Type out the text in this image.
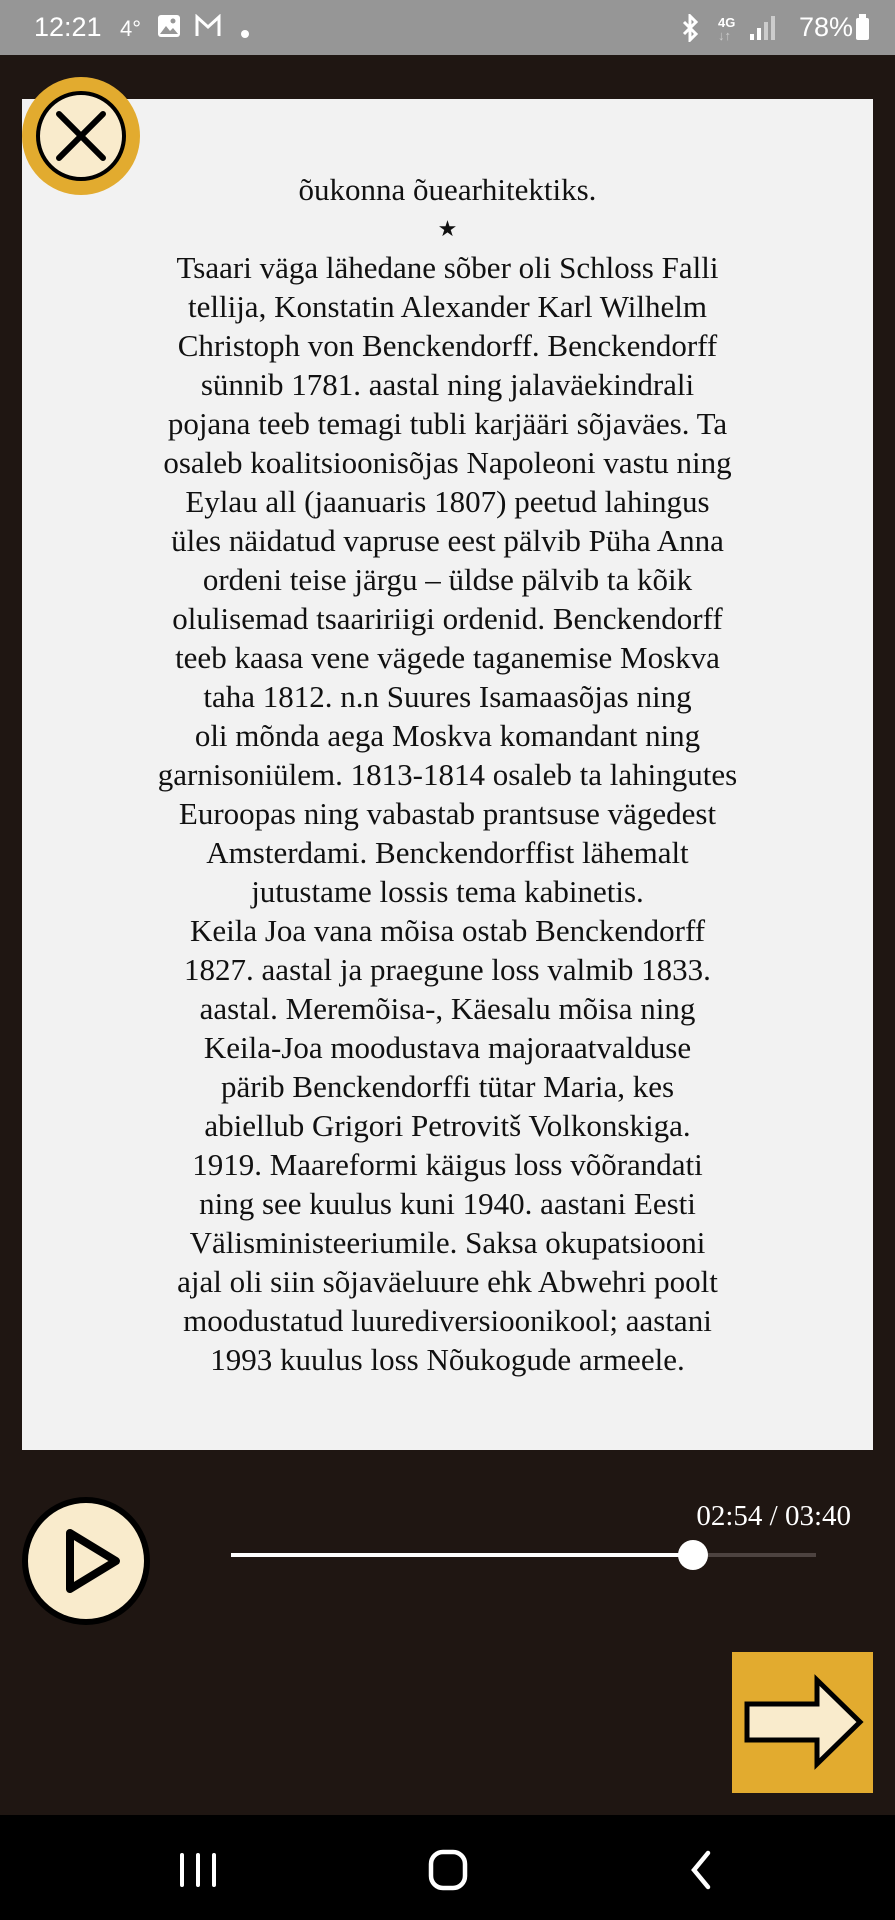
12:21 4°	4G
↓↑	78%
õukonna õuearhitektiks.
★
Tsaari väga lähedane sõber oli Schloss Falli
tellija, Konstatin Alexander Karl Wilhelm
Christoph von Benckendorff. Benckendorff
sünnib 1781. aastal ning jalaväekindrali
pojana teeb temagi tubli karjääri sõjaväes. Ta
osaleb koalitsioonisõjas Napoleoni vastu ning
Eylau all (jaanuaris 1807) peetud lahingus
üles näidatud vapruse eest pälvib Püha Anna
ordeni teise järgu – üldse pälvib ta kõik
olulisemad tsaaririigi ordenid. Benckendorff
teeb kaasa vene vägede taganemise Moskva
taha 1812. n.n Suures Isamaasõjas ning
oli mõnda aega Moskva komandant ning
garnisoniülem. 1813-1814 osaleb ta lahingutes
Euroopas ning vabastab prantsuse vägedest
Amsterdami. Benckendorffist lähemalt
jutustame lossis tema kabinetis.
Keila Joa vana mõisa ostab Benckendorff
1827. aastal ja praegune loss valmib 1833.
aastal. Meremõisa-, Käesalu mõisa ning
Keila-Joa moodustava majoraatvalduse
pärib Benckendorffi tütar Maria, kes
abiellub Grigori Petrovitš Volkonskiga.
1919. Maareformi käigus loss võõrandati
ning see kuulus kuni 1940. aastani Eesti
Välisministeeriumile. Saksa okupatsiooni
ajal oli siin sõjaväeluure ehk Abwehri poolt
moodustatud luurediversioonikool; aastani
1993 kuulus loss Nõukogude armeele.
02:54 / 03:40
